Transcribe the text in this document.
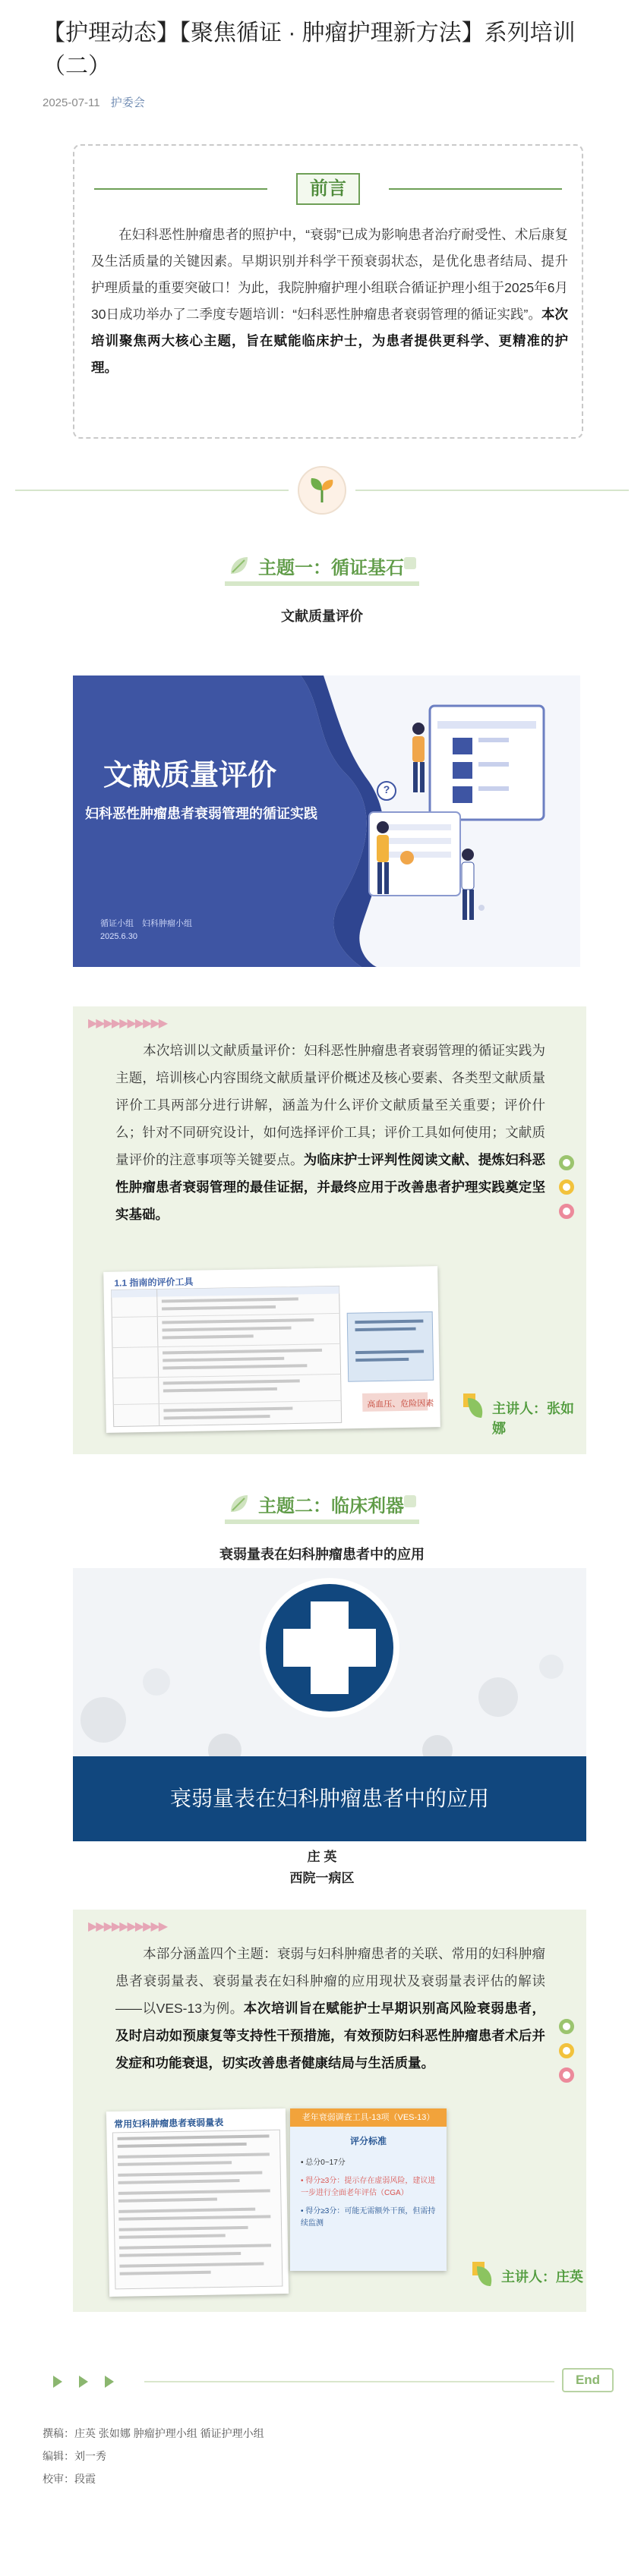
【护理动态】【聚焦循证 · 肿瘤护理新方法】系列培训（二）
2025-07-11 护委会
前言
在妇科恶性肿瘤患者的照护中，“衰弱”已成为影响患者治疗耐受性、术后康复及生活质量的关键因素。早期识别并科学干预衰弱状态，是优化患者结局、提升护理质量的重要突破口！为此，我院肿瘤护理小组联合循证护理小组于2025年6月30日成功举办了二季度专题培训：“妇科恶性肿瘤患者衰弱管理的循证实践”。本次培训聚焦两大核心主题，旨在赋能临床护士，为患者提供更科学、更精准的护理。
主题一：循证基石
文献质量评价
文献质量评价
妇科恶性肿瘤患者衰弱管理的循证实践
循证小组　妇科肿瘤小组
2025.6.30
A
B
C
?
▶▶▶▶▶▶▶▶▶▶
本次培训以文献质量评价：妇科恶性肿瘤患者衰弱管理的循证实践为主题，培训核心内容围绕文献质量评价概述及核心要素、各类型文献质量评价工具两部分进行讲解，涵盖为什么评价文献质量至关重要；评价什么；针对不同研究设计，如何选择评价工具；评价工具如何使用；文献质量评价的注意事项等关键要点。为临床护士评判性阅读文献、提炼妇科恶性肿瘤患者衰弱管理的最佳证据，并最终应用于改善患者护理实践奠定坚实基础。
1.1 指南的评价工具
高血压、危险因素	主讲人：张如娜
主题二：临床利器
衰弱量表在妇科肿瘤患者中的应用
衰弱量表在妇科肿瘤患者中的应用
庄 英
西院一病区
▶▶▶▶▶▶▶▶▶▶
本部分涵盖四个主题：衰弱与妇科肿瘤患者的关联、常用的妇科肿瘤患者衰弱量表、衰弱量表在妇科肿瘤的应用现状及衰弱量表评估的解读——以VES-13为例。本次培训旨在赋能护士早期识别高风险衰弱患者，及时启动如预康复等支持性干预措施，有效预防妇科恶性肿瘤患者术后并发症和功能衰退，切实改善患者健康结局与生活质量。
常用妇科肿瘤患者衰弱量表	老年衰弱调查工具-13项（VES-13）
评分标准
• 总分0~17分
• 得分≥3分：提示存在虚弱风险，建议进一步进行全面老年评估（CGA）
• 得分≥3分：可能无需额外干预，但需持续监测
主讲人：庄英
End
撰稿：庄英 张如娜 肿瘤护理小组 循证护理小组
编辑：刘一秀
校审：段霞
